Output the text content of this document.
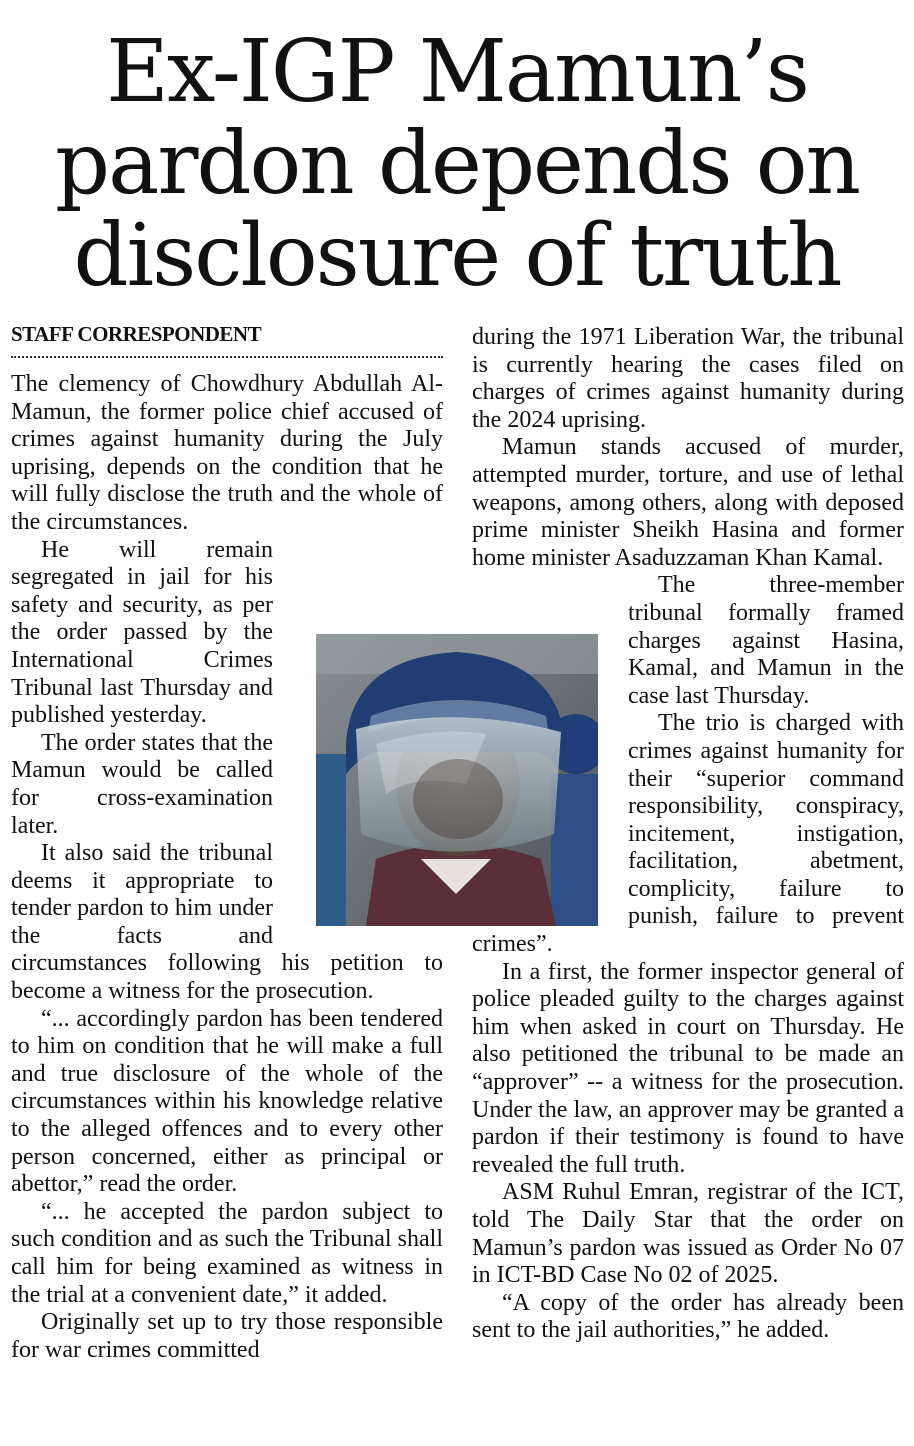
Ex-IGP Mamun’s
pardon depends on
disclosure of truth
STAFF CORRESPONDENT

The clemency of Chowdhury Abdullah Al-Mamun, the former police chief accused of crimes against humanity during the July uprising, depends on the condition that he will fully disclose the truth and the whole of the circumstances.

He will remain segregated in jail for his safety and security, as per the order passed by the International Crimes Tribunal last Thursday and published yesterday.

The order states that the Mamun would be called for cross-examination later.

It also said the tribunal deems it appropriate to tender pardon to him under the facts and circumstances following his petition to become a witness for the prosecution.

“... accordingly pardon has been tendered to him on condition that he will make a full and true disclosure of the whole of the circumstances within his knowledge relative to the alleged offences and to every other person concerned, either as principal or abettor,” read the order.

“... he accepted the pardon subject to such condition and as such the Tribunal shall call him for being examined as witness in the trial at a convenient date,” it added.

Originally set up to try those responsible for war crimes committed

during the 1971 Liberation War, the tribunal is currently hearing the cases filed on charges of crimes against humanity during the 2024 uprising.

Mamun stands accused of murder, attempted murder, torture, and use of lethal weapons, among others, along with deposed prime minister Sheikh Hasina and former home minister Asaduzzaman Khan Kamal.

The three-member tribunal formally framed charges against Hasina, Kamal, and Mamun in the case last Thursday.

The trio is charged with crimes against humanity for their “superior command responsibility, conspiracy, incitement, instigation, facilitation, abetment, complicity, failure to punish, failure to prevent crimes”.

In a first, the former inspector general of police pleaded guilty to the charges against him when asked in court on Thursday. He also petitioned the tribunal to be made an “approver” -- a witness for the prosecution. Under the law, an approver may be granted a pardon if their testimony is found to have revealed the full truth.

ASM Ruhul Emran, registrar of the ICT, told The Daily Star that the order on Mamun’s pardon was issued as Order No 07 in ICT-BD Case No 02 of 2025.

“A copy of the order has already been sent to the jail authorities,” he added.
